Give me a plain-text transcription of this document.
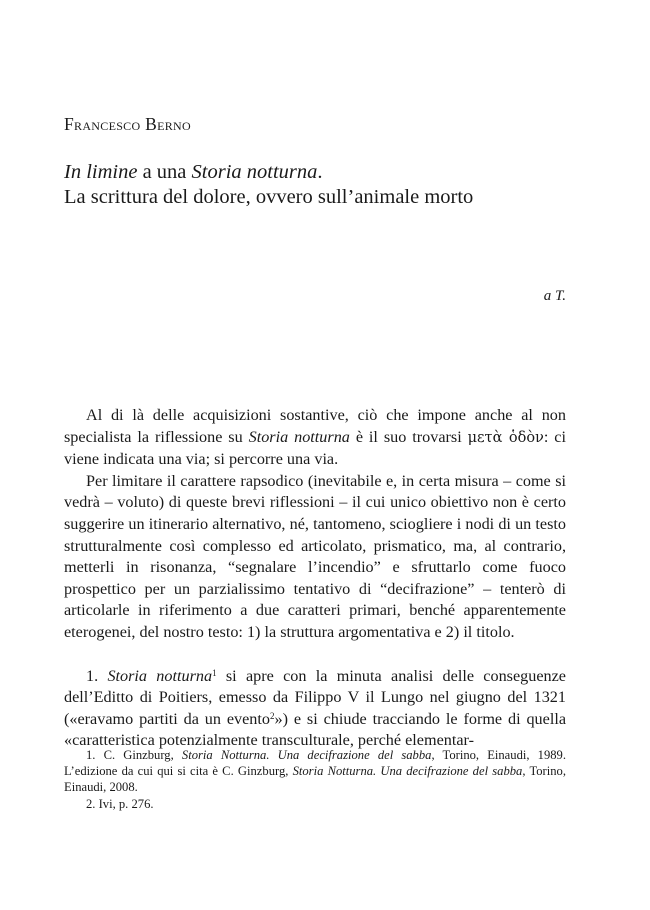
Francesco Berno
In limine a una Storia notturna.
La scrittura del dolore, ovvero sull’animale morto
a T.

Al di là delle acquisizioni sostantive, ciò che impone anche al non specialista la riflessione su Storia notturna è il suo trovarsi μετὰ ὁδὸν: ci viene indicata una via; si percorre una via.

Per limitare il carattere rapsodico (inevitabile e, in certa misura – come si vedrà – voluto) di queste brevi riflessioni – il cui unico obiettivo non è certo suggerire un itinerario alternativo, né, tantomeno, sciogliere i nodi di un testo strutturalmente così complesso ed articolato, prismatico, ma, al contrario, metterli in risonanza, “segnalare l’incendio” e sfruttarlo come fuoco prospettico per un parzialissimo tentativo di “decifrazione” – tenterò di articolarle in riferimento a due caratteri primari, benché apparentemente eterogenei, del nostro testo: 1) la struttura argomentativa e 2) il titolo.

1. Storia notturna$^1$ si apre con la minuta analisi delle conseguenze dell’Editto di Poitiers, emesso da Filippo V il Lungo nel giugno del 1321 («eravamo partiti da un evento$^2$») e si chiude tracciando le forme di quella «caratteristica potenzialmente transculturale, perché elementar-

1. C. Ginzburg, Storia Notturna. Una decifrazione del sabba, Torino, Einaudi, 1989. L’edizione da cui qui si cita è C. Ginzburg, Storia Notturna. Una decifrazione del sabba, Torino, Einaudi, 2008.

2. Ivi, p. 276.
